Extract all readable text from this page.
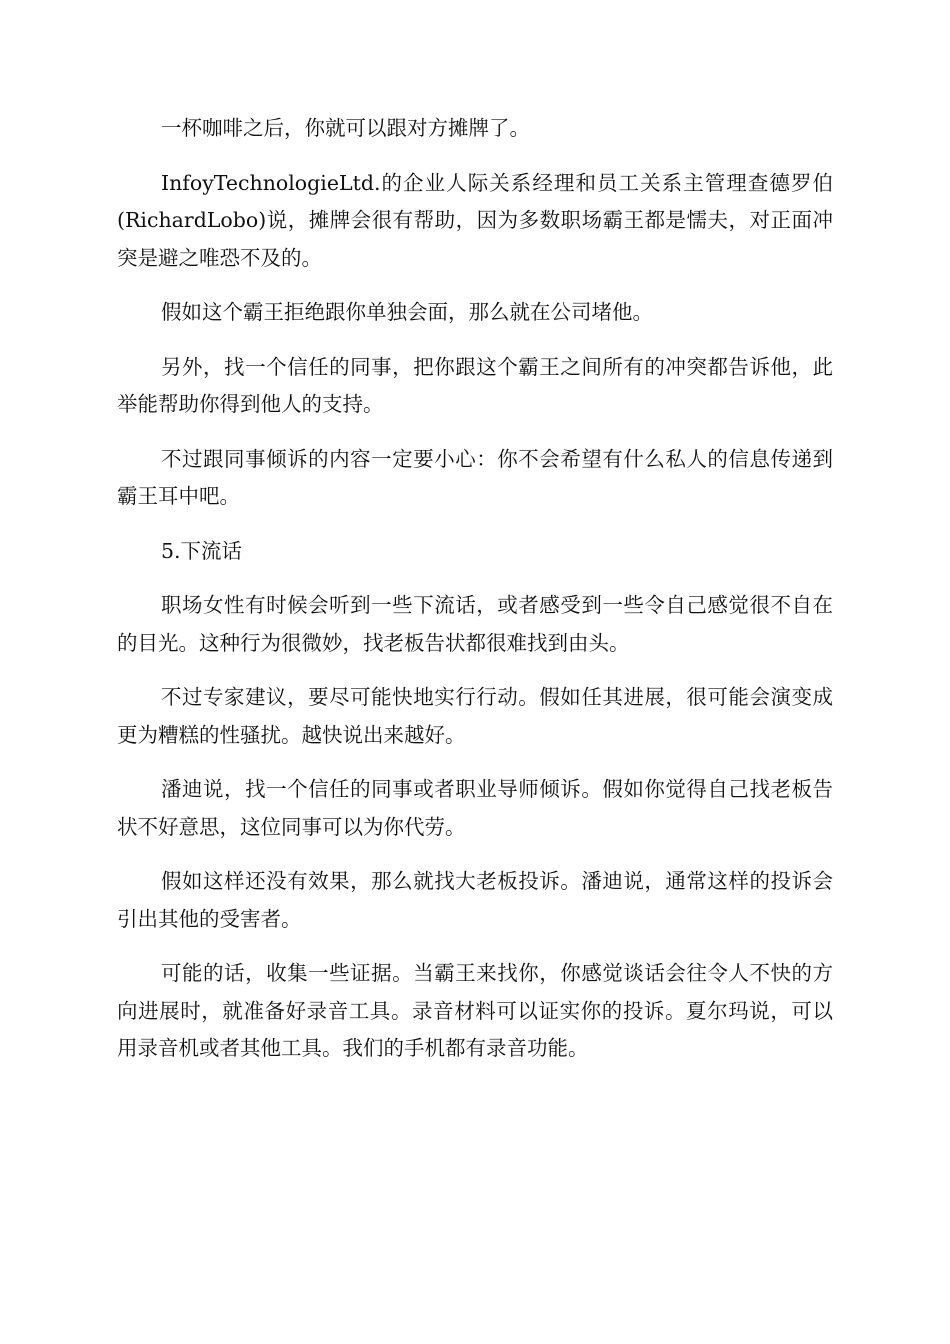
一杯咖啡之后，你就可以跟对方摊牌了。

InfoyTechnologieLtd.的企业人际关系经理和员工关系主管理查德罗伯(RichardLobo)说，摊牌会很有帮助，因为多数职场霸王都是懦夫，对正面冲突是避之唯恐不及的。

假如这个霸王拒绝跟你单独会面，那么就在公司堵他。

另外，找一个信任的同事，把你跟这个霸王之间所有的冲突都告诉他，此举能帮助你得到他人的支持。

不过跟同事倾诉的内容一定要小心：你不会希望有什么私人的信息传递到霸王耳中吧。

5.下流话

职场女性有时候会听到一些下流话，或者感受到一些令自己感觉很不自在的目光。这种行为很微妙，找老板告状都很难找到由头。

不过专家建议，要尽可能快地实行行动。假如任其进展，很可能会演变成更为糟糕的性骚扰。越快说出来越好。

潘迪说，找一个信任的同事或者职业导师倾诉。假如你觉得自己找老板告状不好意思，这位同事可以为你代劳。

假如这样还没有效果，那么就找大老板投诉。潘迪说，通常这样的投诉会引出其他的受害者。

可能的话，收集一些证据。当霸王来找你，你感觉谈话会往令人不快的方向进展时，就准备好录音工具。录音材料可以证实你的投诉。夏尔玛说，可以用录音机或者其他工具。我们的手机都有录音功能。
